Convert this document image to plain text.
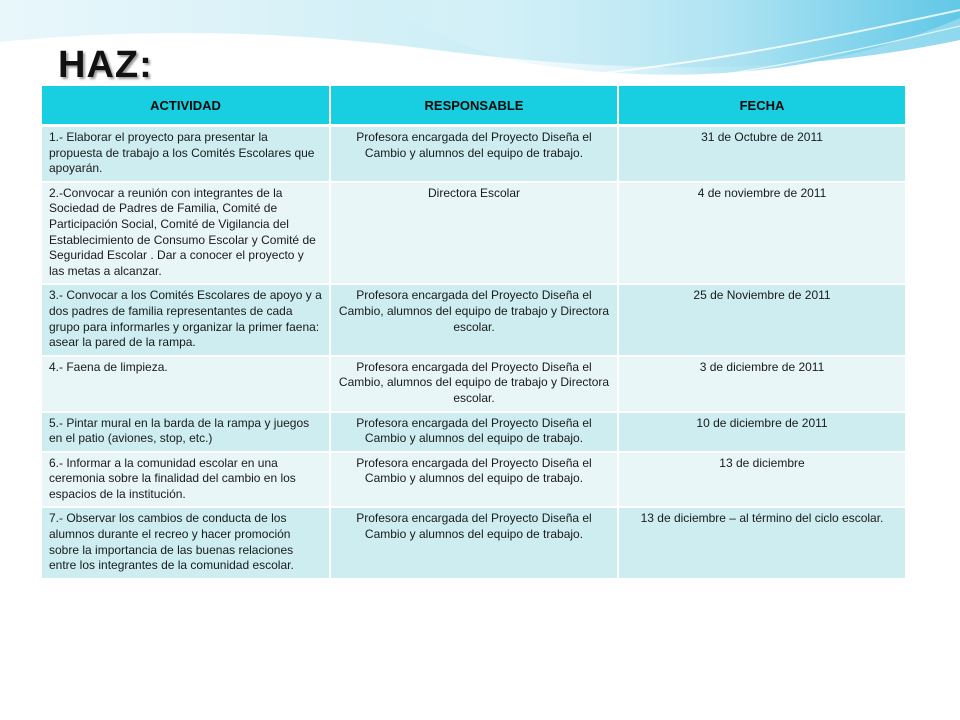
HAZ:
ACTIVIDAD	RESPONSABLE	FECHA
1.- Elaborar el proyecto para presentar la propuesta de trabajo a los Comités Escolares que apoyarán.	Profesora encargada del Proyecto Diseña el Cambio y alumnos del equipo de trabajo.	31 de Octubre de 2011
2.-Convocar a reunión con integrantes de la Sociedad de Padres de Familia, Comité de Participación Social, Comité de Vigilancia del Establecimiento de Consumo Escolar y Comité de Seguridad Escolar . Dar a conocer el proyecto y las metas a alcanzar.	Directora Escolar	4 de noviembre de 2011
3.- Convocar a los Comités Escolares de apoyo y a dos padres de familia representantes de cada grupo para informarles y organizar la primer faena: asear la pared de la rampa.	Profesora encargada del Proyecto Diseña el Cambio, alumnos del equipo de trabajo y Directora escolar.	25 de Noviembre de 2011
4.- Faena de limpieza.	Profesora encargada del Proyecto Diseña el Cambio, alumnos del equipo de trabajo y Directora escolar.	3 de diciembre de 2011
5.- Pintar mural en la barda de la rampa y juegos en el patio (aviones, stop, etc.)	Profesora encargada del Proyecto Diseña el Cambio y alumnos del equipo de trabajo.	10 de diciembre de 2011
6.- Informar a la comunidad escolar en una ceremonia sobre la finalidad del cambio en los espacios de la institución.	Profesora encargada del Proyecto Diseña el Cambio y alumnos del equipo de trabajo.	13 de diciembre
7.- Observar los cambios de conducta de los alumnos durante el recreo y hacer promoción sobre la importancia de las buenas relaciones entre los integrantes de la comunidad escolar.	Profesora encargada del Proyecto Diseña el Cambio y alumnos del equipo de trabajo.	13 de diciembre – al término del ciclo escolar.
